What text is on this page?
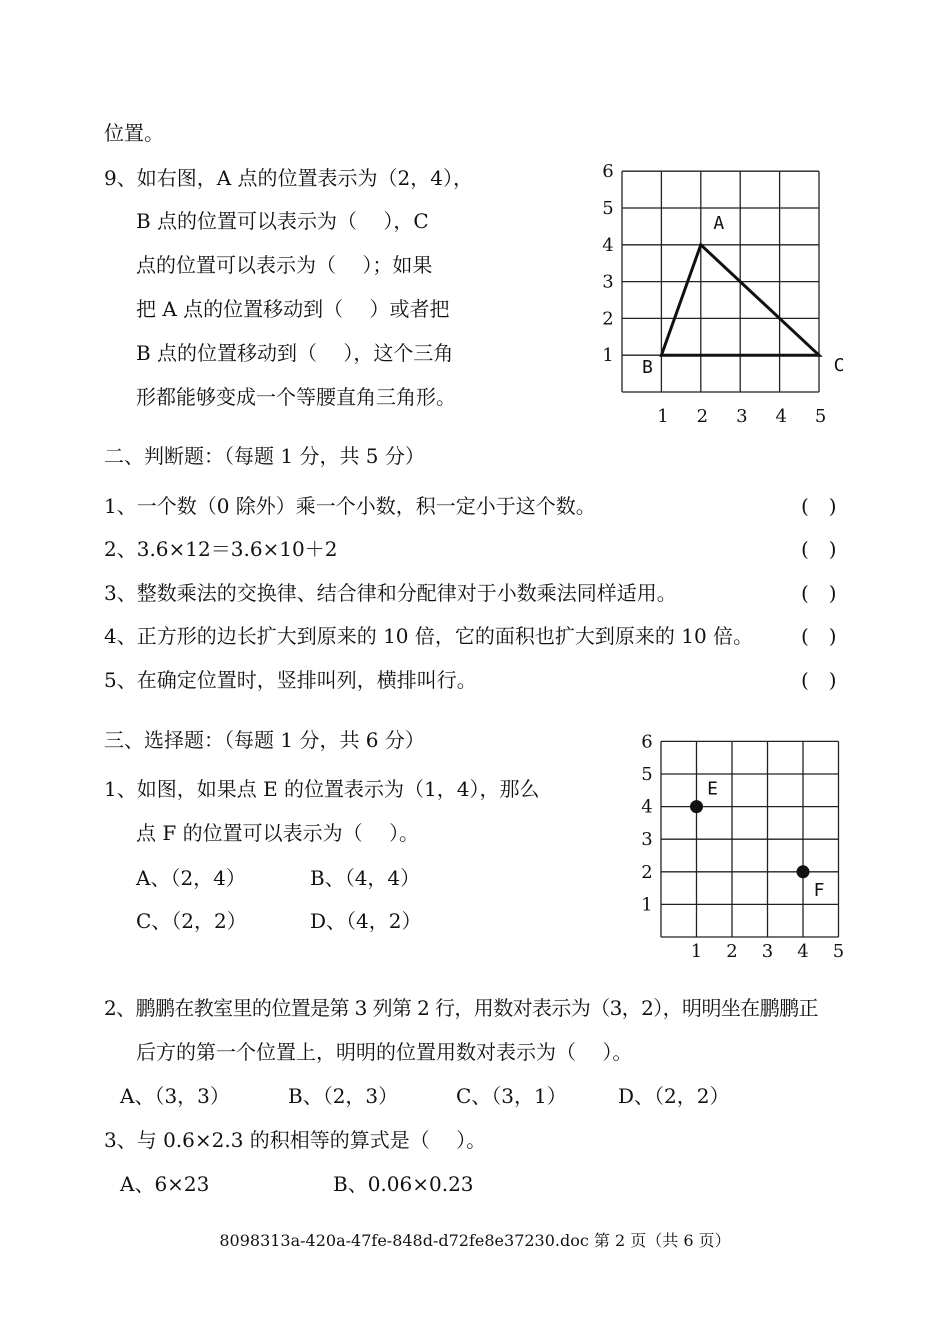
位置。
9、如右图，A 点的位置表示为（2，4），
B 点的位置可以表示为（　 ），C
点的位置可以表示为（　 ）；如果
把 A 点的位置移动到（　 ）或者把
B 点的位置移动到（　 ），这个三角
形都能够变成一个等腰直角三角形。
1 2 3 4 5
1
2
3
4
5
6
A
B	C
二、判断题：（每题 1 分，共 5 分）
1、一个数（0 除外）乘一个小数，积一定小于这个数。	(　)
2、3.6×12＝3.6×10＋2	(　)
3、整数乘法的交换律、结合律和分配律对于小数乘法同样适用。	(　)
4、正方形的边长扩大到原来的 10 倍，它的面积也扩大到原来的 10 倍。 (　)
5、在确定位置时，竖排叫列，横排叫行。	(　)
三、选择题：（每题 1 分，共 6 分）
1、如图，如果点 E 的位置表示为（1，4），那么
点 F 的位置可以表示为（　 ）。
A、（2，4）	B、（4，4）
C、（2，2）	D、（4，2）
1 2 3 4 5
1
2
3
4
5
6
E
F
2、鹏鹏在教室里的位置是第 3 列第 2 行，用数对表示为（3，2），明明坐在鹏鹏正
后方的第一个位置上，明明的位置用数对表示为（　 ）。
A、（3，3）	B、（2，3）	C、（3，1）	D、（2，2）
3、与 0.6×2.3 的积相等的算式是（　 ）。
A、6×23	B、0.06×0.23
8098313a-420a-47fe-848d-d72fe8e37230.doc 第 2 页（共 6 页）
